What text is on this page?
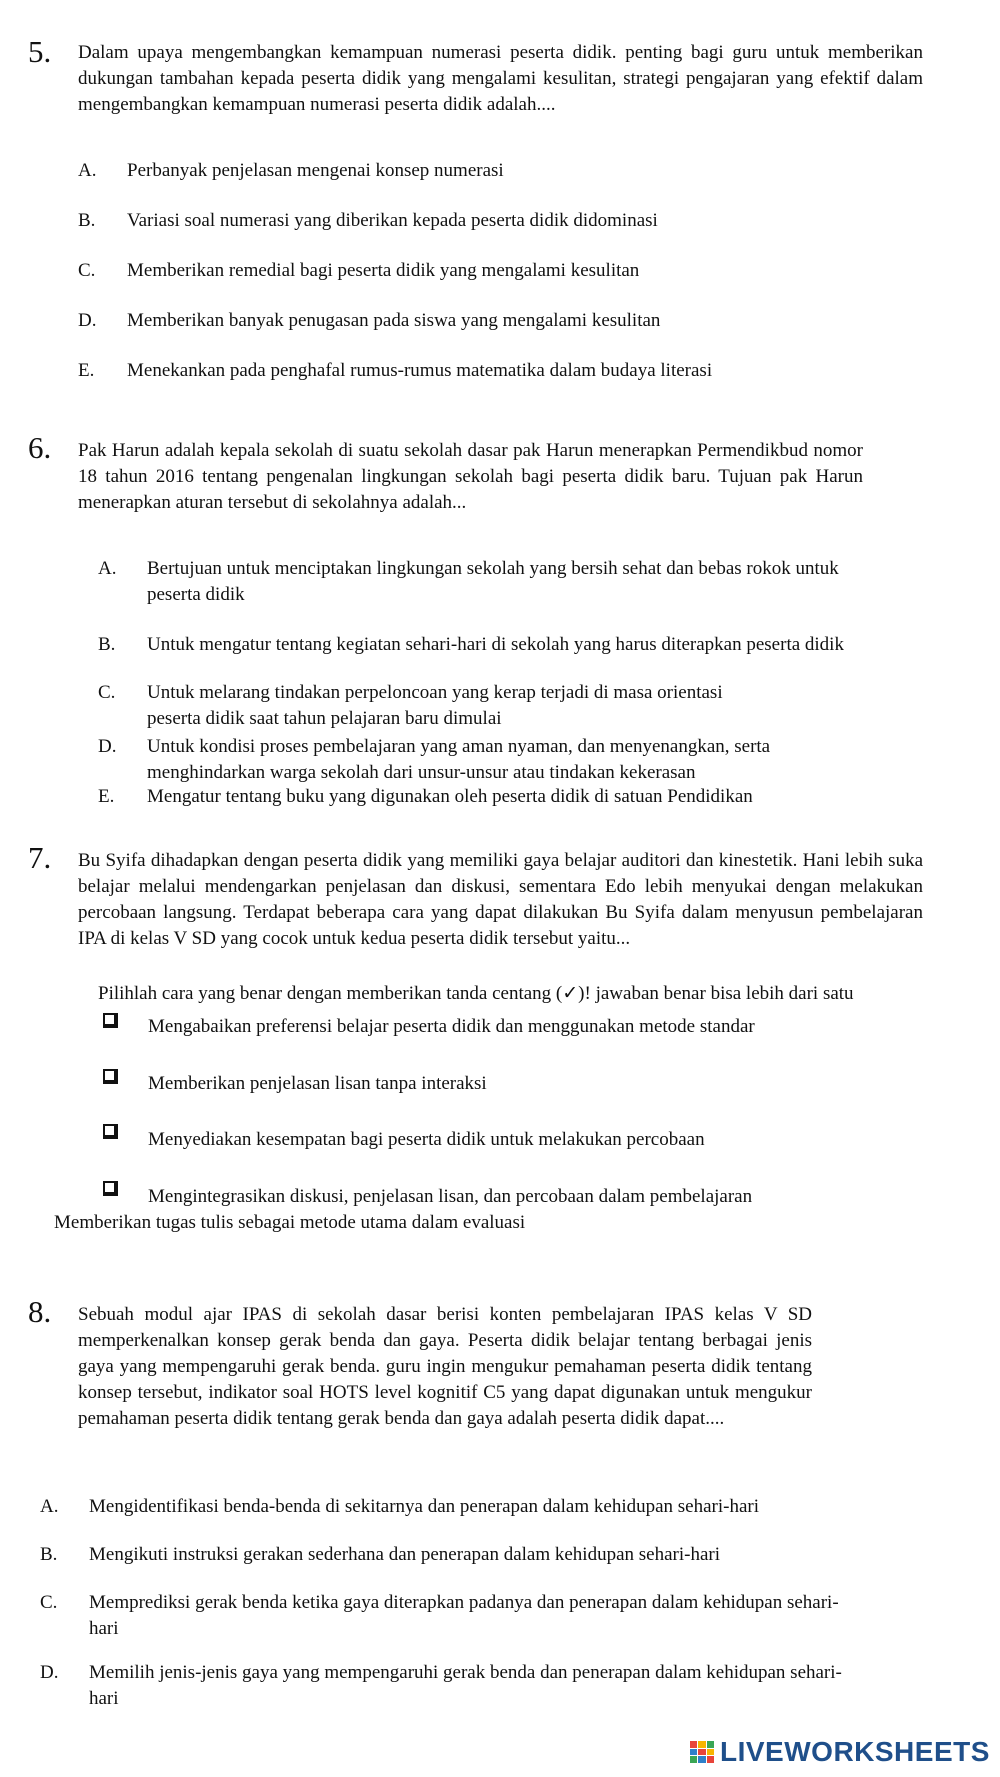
5. Dalam upaya mengembangkan kemampuan numerasi peserta didik. penting bagi guru untuk memberikan dukungan tambahan kepada peserta didik yang mengalami kesulitan, strategi pengajaran yang efektif dalam mengembangkan kemampuan numerasi peserta didik adalah....
A. Perbanyak penjelasan mengenai konsep numerasi
B. Variasi soal numerasi yang diberikan kepada peserta didik didominasi
C. Memberikan remedial bagi peserta didik yang mengalami kesulitan
D. Memberikan banyak penugasan pada siswa yang mengalami kesulitan
E. Menekankan pada penghafal rumus-rumus matematika dalam budaya literasi
6. Pak Harun adalah kepala sekolah di suatu sekolah dasar pak Harun menerapkan Permendikbud nomor 18 tahun 2016 tentang pengenalan lingkungan sekolah bagi peserta didik baru. Tujuan pak Harun menerapkan aturan tersebut di sekolahnya adalah...
A. Bertujuan untuk menciptakan lingkungan sekolah yang bersih sehat dan bebas rokok untuk
peserta didik
B. Untuk mengatur tentang kegiatan sehari-hari di sekolah yang harus diterapkan peserta didik
C. Untuk melarang tindakan perpeloncoan yang kerap terjadi di masa orientasi
peserta didik saat tahun pelajaran baru dimulai
D. Untuk kondisi proses pembelajaran yang aman nyaman, dan menyenangkan, serta
menghindarkan warga sekolah dari unsur-unsur atau tindakan kekerasan
E. Mengatur tentang buku yang digunakan oleh peserta didik di satuan Pendidikan
7. Bu Syifa dihadapkan dengan peserta didik yang memiliki gaya belajar auditori dan kinestetik. Hani lebih suka belajar melalui mendengarkan penjelasan dan diskusi, sementara Edo lebih menyukai dengan melakukan percobaan langsung. Terdapat beberapa cara yang dapat dilakukan Bu Syifa dalam menyusun pembelajaran IPA di kelas V SD yang cocok untuk kedua peserta didik tersebut yaitu...
Pilihlah cara yang benar dengan memberikan tanda centang (✓)! jawaban benar bisa lebih dari satu
Mengabaikan preferensi belajar peserta didik dan menggunakan metode standar
Memberikan penjelasan lisan tanpa interaksi
Menyediakan kesempatan bagi peserta didik untuk melakukan percobaan
Mengintegrasikan diskusi, penjelasan lisan, dan percobaan dalam pembelajaran
Memberikan tugas tulis sebagai metode utama dalam evaluasi
8. Sebuah modul ajar IPAS di sekolah dasar berisi konten pembelajaran IPAS kelas V SD memperkenalkan konsep gerak benda dan gaya. Peserta didik belajar tentang berbagai jenis gaya yang mempengaruhi gerak benda. guru ingin mengukur pemahaman peserta didik tentang konsep tersebut, indikator soal HOTS level kognitif C5 yang dapat digunakan untuk mengukur pemahaman peserta didik tentang gerak benda dan gaya adalah peserta didik dapat....
A. Mengidentifikasi benda-benda di sekitarnya dan penerapan dalam kehidupan sehari-hari
B. Mengikuti instruksi gerakan sederhana dan penerapan dalam kehidupan sehari-hari
C. Memprediksi gerak benda ketika gaya diterapkan padanya dan penerapan dalam kehidupan sehari-
hari
D. Memilih jenis-jenis gaya yang mempengaruhi gerak benda dan penerapan dalam kehidupan sehari-
hari
LIVEWORKSHEETS
